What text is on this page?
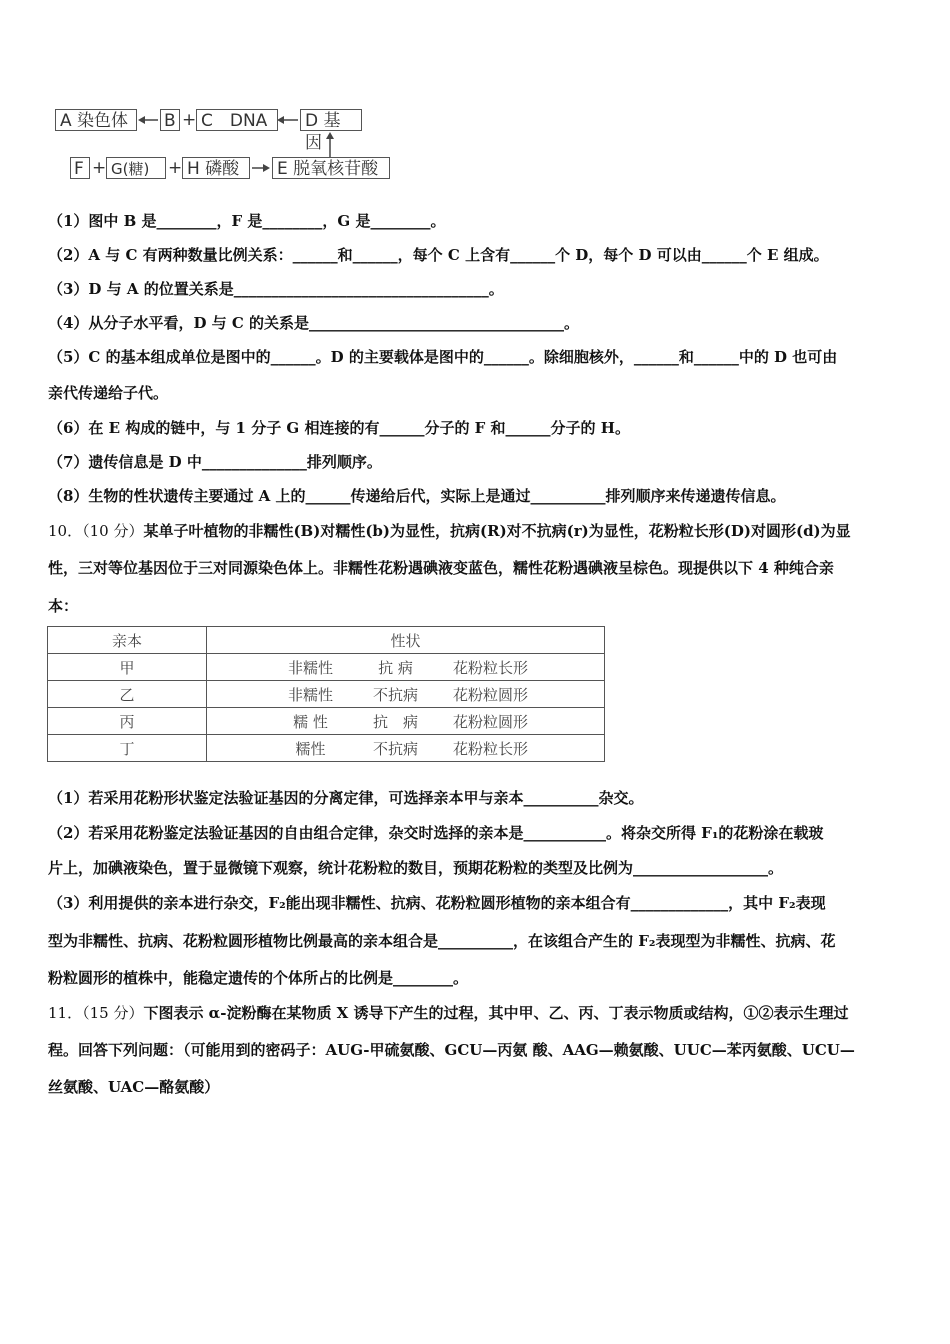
A 染色体	B + C　DNA	D 基因
F + G(糖)	+ H 磷酸	E 脱氧核苷酸
（1）图中 B 是________，F 是________，G 是________。
（2）A 与 C 有两种数量比例关系：______和______，每个 C 上含有______个 D，每个 D 可以由______个 E 组成。
（3）D 与 A 的位置关系是__________________________________。
（4）从分子水平看，D 与 C 的关系是__________________________________。
（5）C 的基本组成单位是图中的______。D 的主要载体是图中的______。除细胞核外，______和______中的 D 也可由
亲代传递给子代。
（6）在 E 构成的链中，与 1 分子 G 相连接的有______分子的 F 和______分子的 H。
（7）遗传信息是 D 中______________排列顺序。
（8）生物的性状遗传主要通过 A 上的______传递给后代，实际上是通过__________排列顺序来传递遗传信息。
10．（10 分）某单子叶植物的非糯性(B)对糯性(b)为显性，抗病(R)对不抗病(r)为显性，花粉粒长形(D)对圆形(d)为显
性，三对等位基因位于三对同源染色体上。非糯性花粉遇碘液变蓝色，糯性花粉遇碘液呈棕色。现提供以下 4 种纯合亲
本：
亲本	性状
甲	非糯性 抗 病 花粉粒长形
乙	非糯性 不抗病 花粉粒圆形
丙	糯 性 抗　病 花粉粒圆形
丁	糯性 不抗病 花粉粒长形
（1）若采用花粉形状鉴定法验证基因的分离定律，可选择亲本甲与亲本__________杂交。
（2）若采用花粉鉴定法验证基因的自由组合定律，杂交时选择的亲本是___________。将杂交所得 F₁的花粉涂在载玻
片上，加碘液染色，置于显微镜下观察，统计花粉粒的数目，预期花粉粒的类型及比例为__________________。
（3）利用提供的亲本进行杂交，F₂能出现非糯性、抗病、花粉粒圆形植物的亲本组合有_____________，其中 F₂表现
型为非糯性、抗病、花粉粒圆形植物比例最高的亲本组合是__________，在该组合产生的 F₂表现型为非糯性、抗病、花
粉粒圆形的植株中，能稳定遗传的个体所占的比例是________。
11．（15 分）下图表示 α-淀粉酶在某物质 X 诱导下产生的过程，其中甲、乙、丙、丁表示物质或结构，①②表示生理过
程。回答下列问题：（可能用到的密码子：AUG-甲硫氨酸、GCU—丙氨 酸、AAG—赖氨酸、UUC—苯丙氨酸、UCU—
丝氨酸、UAC—酪氨酸）
